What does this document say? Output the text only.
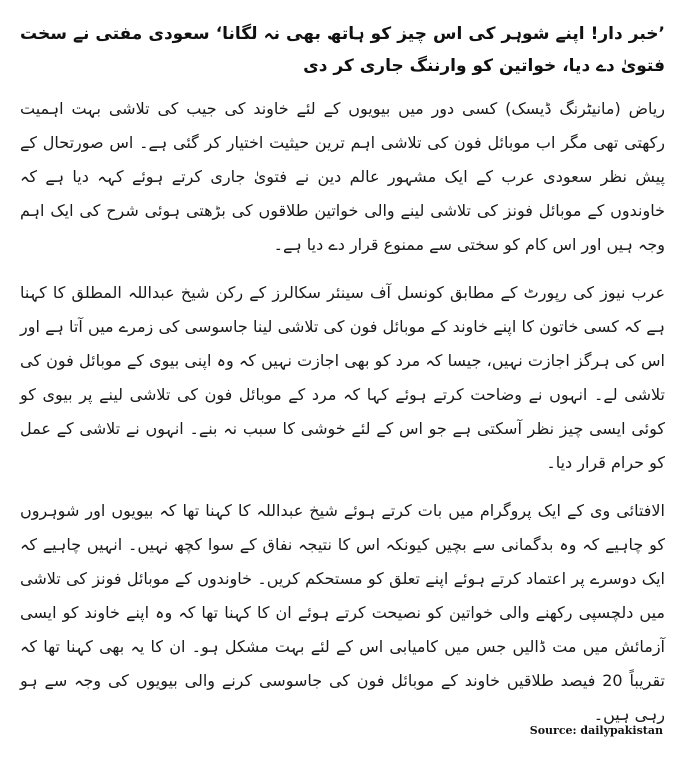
’خبر دار! اپنے شوہر کی اس چیز کو ہاتھ بھی نہ لگانا‘ سعودی مفتی نے سخت فتویٰ دے دیا، خواتین کو وارننگ جاری کر دی

ریاض (مانیٹرنگ ڈیسک) کسی دور میں بیویوں کے لئے خاوند کی جیب کی تلاشی بہت اہمیت رکھتی تھی مگر اب موبائل فون کی تلاشی اہم ترین حیثیت اختیار کر گئی ہے۔ اس صورتحال کے پیش نظر سعودی عرب کے ایک مشہور عالم دین نے فتویٰ جاری کرتے ہوئے کہہ دیا ہے کہ خاوندوں کے موبائل فونز کی تلاشی لینے والی خواتین طلاقوں کی بڑھتی ہوئی شرح کی ایک اہم وجہ ہیں اور اس کام کو سختی سے ممنوع قرار دے دیا ہے۔

عرب نیوز کی رپورٹ کے مطابق کونسل آف سینئر سکالرز کے رکن شیخ عبداللہ المطلق کا کہنا ہے کہ کسی خاتون کا اپنے خاوند کے موبائل فون کی تلاشی لینا جاسوسی کی زمرے میں آتا ہے اور اس کی ہرگز اجازت نہیں، جیسا کہ مرد کو بھی اجازت نہیں کہ وہ اپنی بیوی کے موبائل فون کی تلاشی لے۔ انہوں نے وضاحت کرتے ہوئے کہا کہ مرد کے موبائل فون کی تلاشی لینے پر بیوی کو کوئی ایسی چیز نظر آسکتی ہے جو اس کے لئے خوشی کا سبب نہ بنے۔ انہوں نے تلاشی کے عمل کو حرام قرار دیا۔

الافتائی وی کے ایک پروگرام میں بات کرتے ہوئے شیخ عبداللہ کا کہنا تھا کہ بیویوں اور شوہروں کو چاہیے کہ وہ بدگمانی سے بچیں کیونکہ اس کا نتیجہ نفاق کے سوا کچھ نہیں۔ انہیں چاہیے کہ ایک دوسرے پر اعتماد کرتے ہوئے اپنے تعلق کو مستحکم کریں۔ خاوندوں کے موبائل فونز کی تلاشی میں دلچسپی رکھنے والی خواتین کو نصیحت کرتے ہوئے ان کا کہنا تھا کہ وہ اپنے خاوند کو ایسی آزمائش میں مت ڈالیں جس میں کامیابی اس کے لئے بہت مشکل ہو۔ ان کا یہ بھی کہنا تھا کہ تقریباً 20 فیصد طلاقیں خاوند کے موبائل فون کی جاسوسی کرنے والی بیویوں کی وجہ سے ہو رہی ہیں۔

Source: dailypakistan
